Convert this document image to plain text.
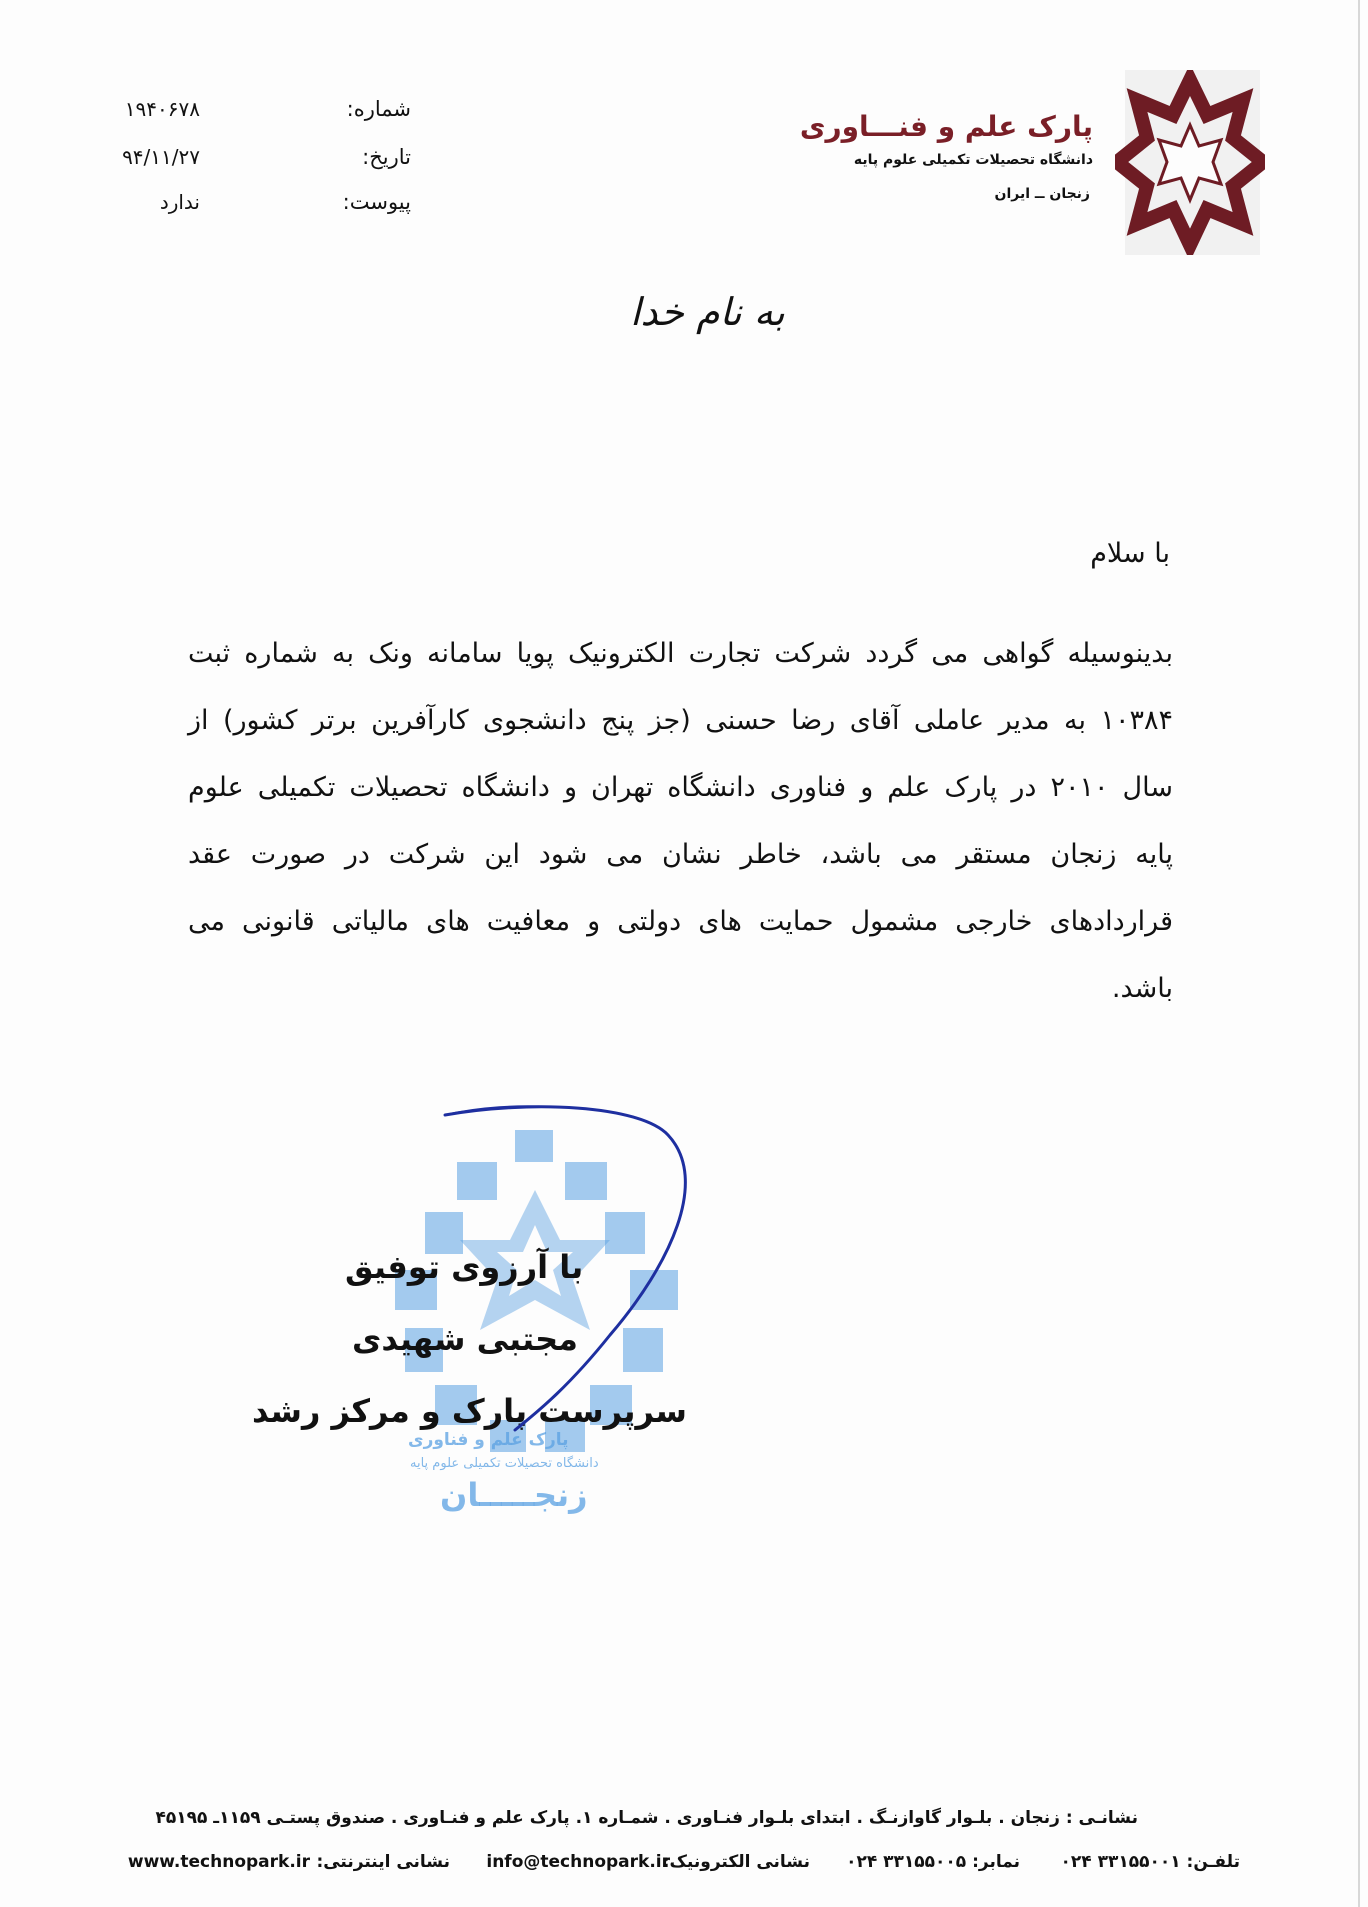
پارک علم و فنـــاوری
دانشگاه تحصیلات تکمیلی علوم پایه
زنجان ــ ایران
شماره:
۱۹۴۰۶۷۸
تاریخ:
۹۴/۱۱/۲۷
پیوست:
ندارد
به نام خدا
با سلام
بدینوسیله گواهی می گردد شرکت تجارت الکترونیک پویا سامانه ونک به شماره ثبت
۱۰۳۸۴ به مدیر عاملی آقای رضا حسنی (جز پنج دانشجوی کارآفرین برتر کشور) از
سال ۲۰۱۰ در پارک علم و فناوری دانشگاه تهران و دانشگاه تحصیلات تکمیلی علوم
پایه زنجان مستقر می باشد، خاطر نشان می شود این شرکت در صورت عقد
قراردادهای خارجی مشمول حمایت های دولتی و معافیت های مالیاتی قانونی می
باشد.
پارک علم و فناوری
دانشگاه تحصیلات تکمیلی علوم پایه
زنجـــــان
با آرزوی توفیق
مجتبی شهیدی
سرپرست پارک و مرکز رشد
نشانـی : زنجان . بلـوار گاوازنـگ . ابتدای بلـوار فنـاوری . شمـاره ۱. پارک علم و فنـاوری . صندوق پستـی ۱۱۵۹ـ ۴۵۱۹۵
تلفـن: ۳۳۱۵۵۰۰۱ ۰۲۴
نمابر: ۳۳۱۵۵۰۰۵ ۰۲۴
نشانی الکترونیک:
info@technopark.ir
نشانی اینترنتی:
www.technopark.ir
